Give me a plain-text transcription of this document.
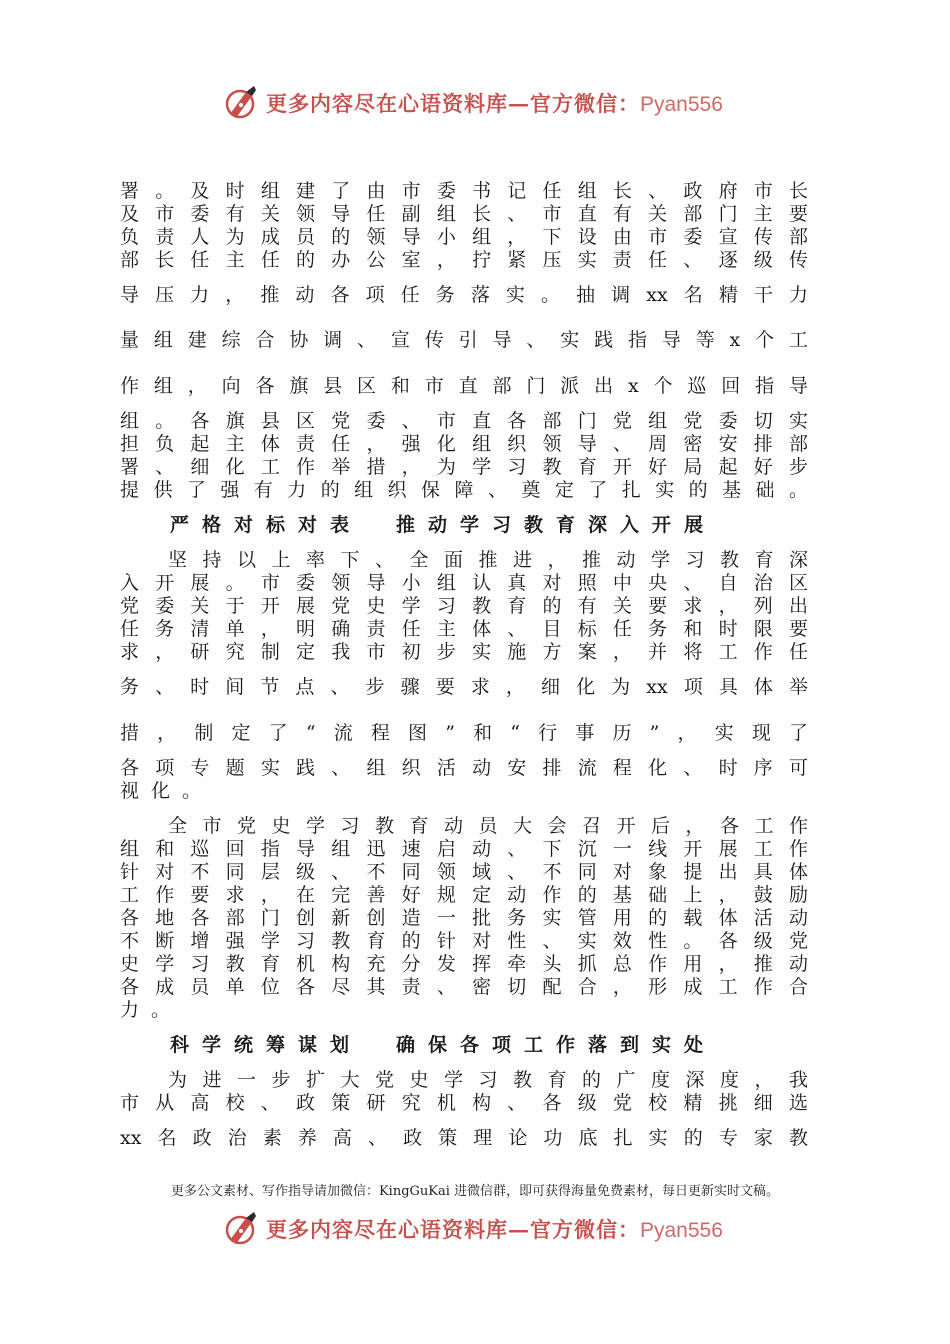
更多内容尽在心语资料库—官方微信：Pyan556
署。及时组建了由市委书记任组长、政府市长
及市委有关领导任副组长、市直有关部门主要
负责人为成员的领导小组，下设由市委宣传部
部长任主任的办公室，拧紧压实责任、逐级传
导压力，推动各项任务落实。抽调xx名精干力
量组建综合协调、宣传引导、实践指导等x个工
作组，向各旗县区和市直部门派出x个巡回指导
组。各旗县区党委、市直各部门党组党委切实
担负起主体责任，强化组织领导、周密安排部
署、细化工作举措，为学习教育开好局起好步
提供了强有力的组织保障、奠定了扎实的基础。
严格对标对表 推动学习教育深入开展
坚持以上率下、全面推进，推动学习教育深
入开展。市委领导小组认真对照中央、自治区
党委关于开展党史学习教育的有关要求，列出
任务清单，明确责任主体、目标任务和时限要
求，研究制定我市初步实施方案，并将工作任
务、时间节点、步骤要求，细化为xx项具体举
措，制定了“流程图”和“行事历”，实现了
各项专题实践、组织活动安排流程化、时序可
视化。
全市党史学习教育动员大会召开后，各工作
组和巡回指导组迅速启动、下沉一线开展工作
针对不同层级、不同领域、不同对象提出具体
工作要求，在完善好规定动作的基础上，鼓励
各地各部门创新创造一批务实管用的载体活动
不断增强学习教育的针对性、实效性。各级党
史学习教育机构充分发挥牵头抓总作用，推动
各成员单位各尽其责、密切配合，形成工作合
力。
科学统筹谋划 确保各项工作落到实处
为进一步扩大党史学习教育的广度深度，我
市从高校、政策研究机构、各级党校精挑细选
xx名政治素养高、政策理论功底扎实的专家教
更多公文素材、写作指导请加微信：KingGuKai 进微信群，即可获得海量免费素材，每日更新实时文稿。
更多内容尽在心语资料库—官方微信：Pyan556
